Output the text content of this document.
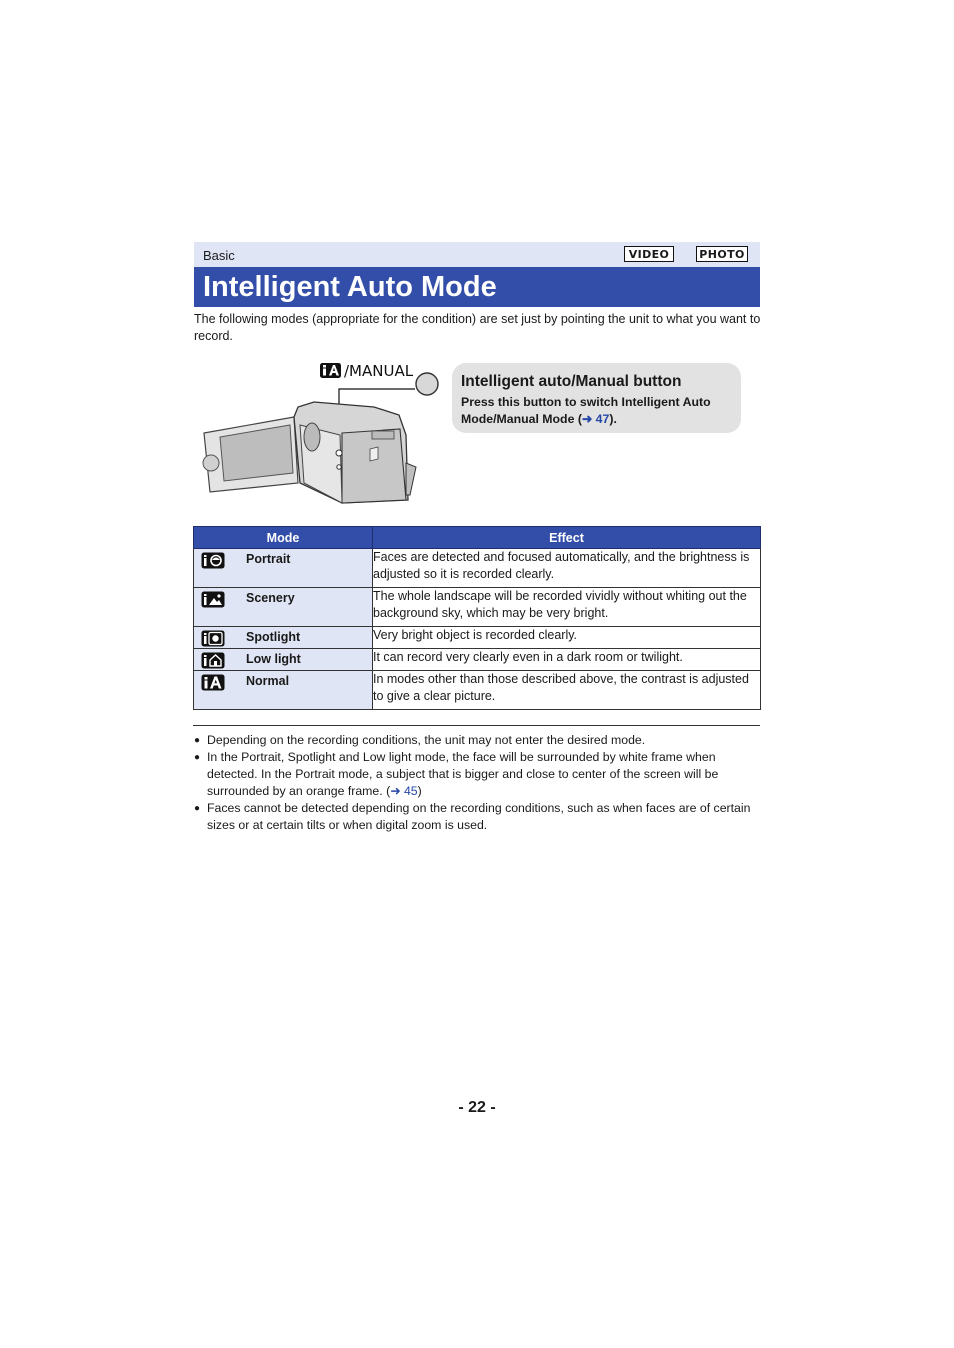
Basic	VIDEO	PHOTO
Intelligent Auto Mode
The following modes (appropriate for the condition) are set just by pointing the unit to what you want to record.
/MANUAL
Intelligent auto/Manual button
Press this button to switch Intelligent Auto Mode/Manual Mode (➜ 47).
Mode	Effect

Portrait	Faces are detected and focused automatically, and the brightness is adjusted so it is recorded clearly.

Scenery	The whole landscape will be recorded vividly without whiting out the background sky, which may be very bright.

Spotlight	Very bright object is recorded clearly.

Low light	It can record very clearly even in a dark room or twilight.

Normal	In modes other than those described above, the contrast is adjusted to give a clear picture.
● Depending on the recording conditions, the unit may not enter the desired mode.
● In the Portrait, Spotlight and Low light mode, the face will be surrounded by white frame when detected. In the Portrait mode, a subject that is bigger and close to center of the screen will be surrounded by an orange frame. (➜ 45)
● Faces cannot be detected depending on the recording conditions, such as when faces are of certain sizes or at certain tilts or when digital zoom is used.
- 22 -
